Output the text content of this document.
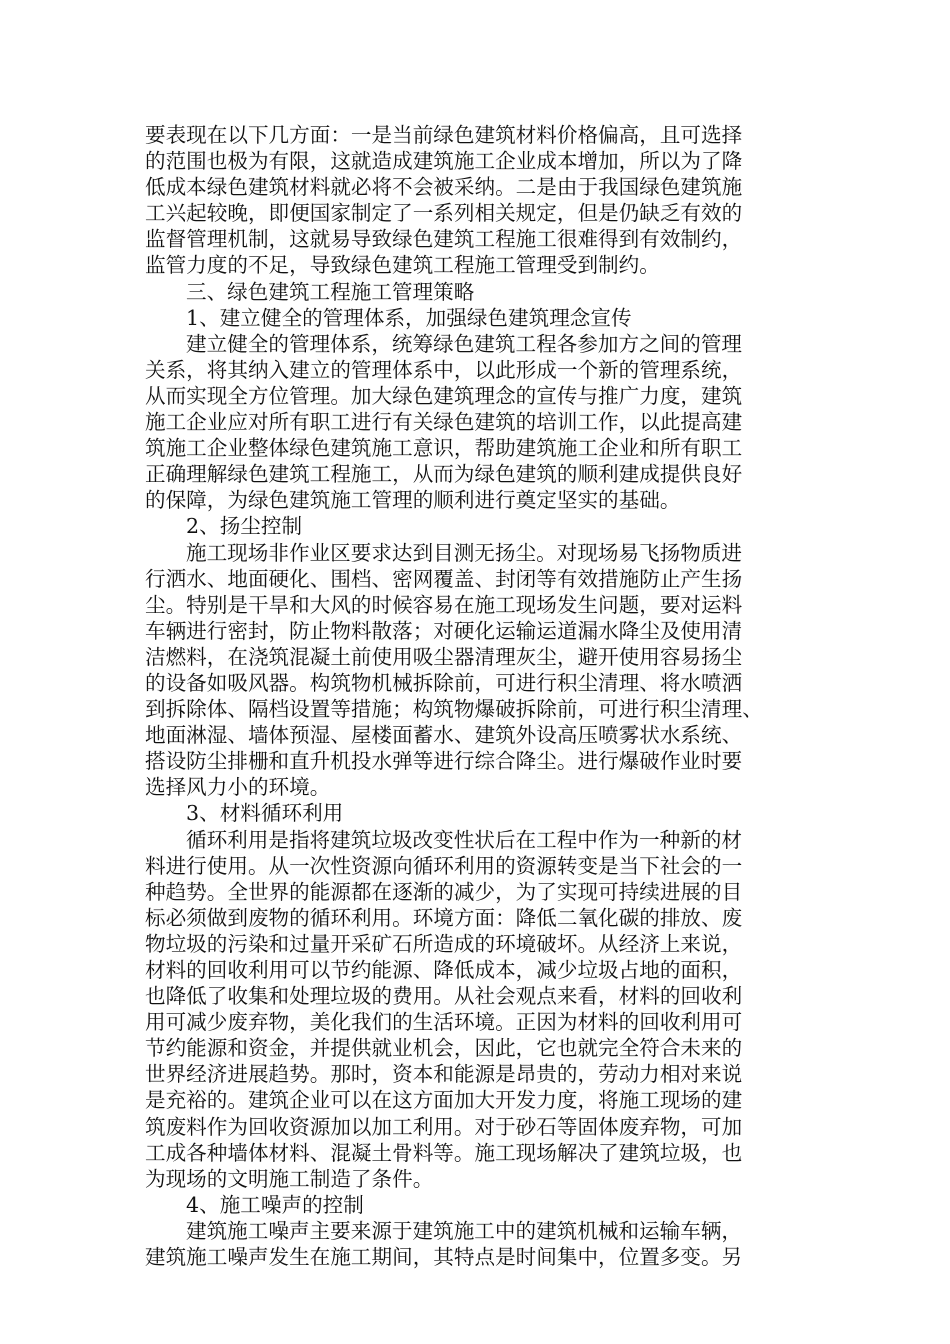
要表现在以下几方面：一是当前绿色建筑材料价格偏高，且可选择
的范围也极为有限，这就造成建筑施工企业成本增加，所以为了降
低成本绿色建筑材料就必将不会被采纳。二是由于我国绿色建筑施
工兴起较晚，即便国家制定了一系列相关规定，但是仍缺乏有效的
监督管理机制，这就易导致绿色建筑工程施工很难得到有效制约，
监管力度的不足，导致绿色建筑工程施工管理受到制约。
三、绿色建筑工程施工管理策略
1、建立健全的管理体系，加强绿色建筑理念宣传
建立健全的管理体系，统筹绿色建筑工程各参加方之间的管理
关系，将其纳入建立的管理体系中，以此形成一个新的管理系统，
从而实现全方位管理。加大绿色建筑理念的宣传与推广力度，建筑
施工企业应对所有职工进行有关绿色建筑的培训工作，以此提高建
筑施工企业整体绿色建筑施工意识，帮助建筑施工企业和所有职工
正确理解绿色建筑工程施工，从而为绿色建筑的顺利建成提供良好
的保障，为绿色建筑施工管理的顺利进行奠定坚实的基础。
2、扬尘控制
施工现场非作业区要求达到目测无扬尘。对现场易飞扬物质进
行洒水、地面硬化、围档、密网覆盖、封闭等有效措施防止产生扬
尘。特别是干旱和大风的时候容易在施工现场发生问题，要对运料
车辆进行密封，防止物料散落；对硬化运输运道漏水降尘及使用清
洁燃料，在浇筑混凝土前使用吸尘器清理灰尘，避开使用容易扬尘
的设备如吸风器。构筑物机械拆除前，可进行积尘清理、将水喷洒
到拆除体、隔档设置等措施；构筑物爆破拆除前，可进行积尘清理、
地面淋湿、墙体预湿、屋楼面蓄水、建筑外设高压喷雾状水系统、
搭设防尘排栅和直升机投水弹等进行综合降尘。进行爆破作业时要
选择风力小的环境。
3、材料循环利用
循环利用是指将建筑垃圾改变性状后在工程中作为一种新的材
料进行使用。从一次性资源向循环利用的资源转变是当下社会的一
种趋势。全世界的能源都在逐渐的减少，为了实现可持续进展的目
标必须做到废物的循环利用。环境方面：降低二氧化碳的排放、废
物垃圾的污染和过量开采矿石所造成的环境破坏。从经济上来说，
材料的回收利用可以节约能源、降低成本，减少垃圾占地的面积，
也降低了收集和处理垃圾的费用。从社会观点来看，材料的回收利
用可减少废弃物，美化我们的生活环境。正因为材料的回收利用可
节约能源和资金，并提供就业机会，因此，它也就完全符合未来的
世界经济进展趋势。那时，资本和能源是昂贵的，劳动力相对来说
是充裕的。建筑企业可以在这方面加大开发力度，将施工现场的建
筑废料作为回收资源加以加工利用。对于砂石等固体废弃物，可加
工成各种墙体材料、混凝土骨料等。施工现场解决了建筑垃圾，也
为现场的文明施工制造了条件。
4、施工噪声的控制
建筑施工噪声主要来源于建筑施工中的建筑机械和运输车辆，
建筑施工噪声发生在施工期间，其特点是时间集中，位置多变。另
